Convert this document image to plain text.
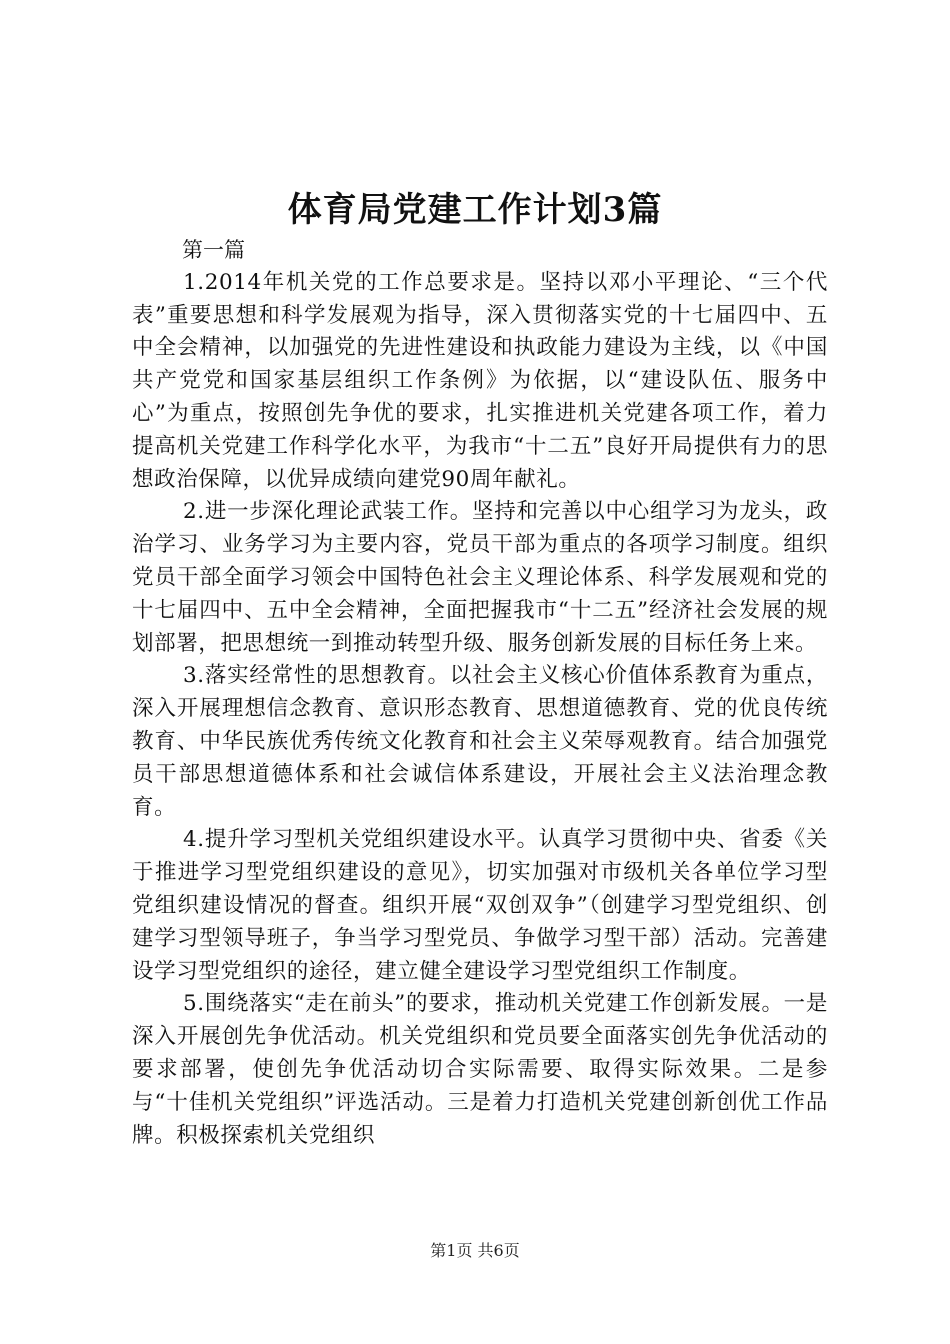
体育局党建工作计划3篇

第一篇

1.2014年机关党的工作总要求是。坚持以邓小平理论、“三个代表”重要思想和科学发展观为指导，深入贯彻落实党的十七届四中、五中全会精神，以加强党的先进性建设和执政能力建设为主线，以《中国共产党党和国家基层组织工作条例》为依据，以“建设队伍、服务中心”为重点，按照创先争优的要求，扎实推进机关党建各项工作，着力提高机关党建工作科学化水平，为我市“十二五”良好开局提供有力的思想政治保障，以优异成绩向建党90周年献礼。

2.进一步深化理论武装工作。坚持和完善以中心组学习为龙头，政治学习、业务学习为主要内容，党员干部为重点的各项学习制度。组织党员干部全面学习领会中国特色社会主义理论体系、科学发展观和党的十七届四中、五中全会精神，全面把握我市“十二五”经济社会发展的规划部署，把思想统一到推动转型升级、服务创新发展的目标任务上来。

3.落实经常性的思想教育。以社会主义核心价值体系教育为重点，深入开展理想信念教育、意识形态教育、思想道德教育、党的优良传统教育、中华民族优秀传统文化教育和社会主义荣辱观教育。结合加强党员干部思想道德体系和社会诚信体系建设，开展社会主义法治理念教育。

4.提升学习型机关党组织建设水平。认真学习贯彻中央、省委《关于推进学习型党组织建设的意见》，切实加强对市级机关各单位学习型党组织建设情况的督查。组织开展“双创双争”（创建学习型党组织、创建学习型领导班子，争当学习型党员、争做学习型干部）活动。完善建设学习型党组织的途径，建立健全建设学习型党组织工作制度。

5.围绕落实“走在前头”的要求，推动机关党建工作创新发展。一是深入开展创先争优活动。机关党组织和党员要全面落实创先争优活动的要求部署，使创先争优活动切合实际需要、取得实际效果。二是参与“十佳机关党组织”评选活动。三是着力打造机关党建创新创优工作品牌。积极探索机关党组织

第1页 共6页
